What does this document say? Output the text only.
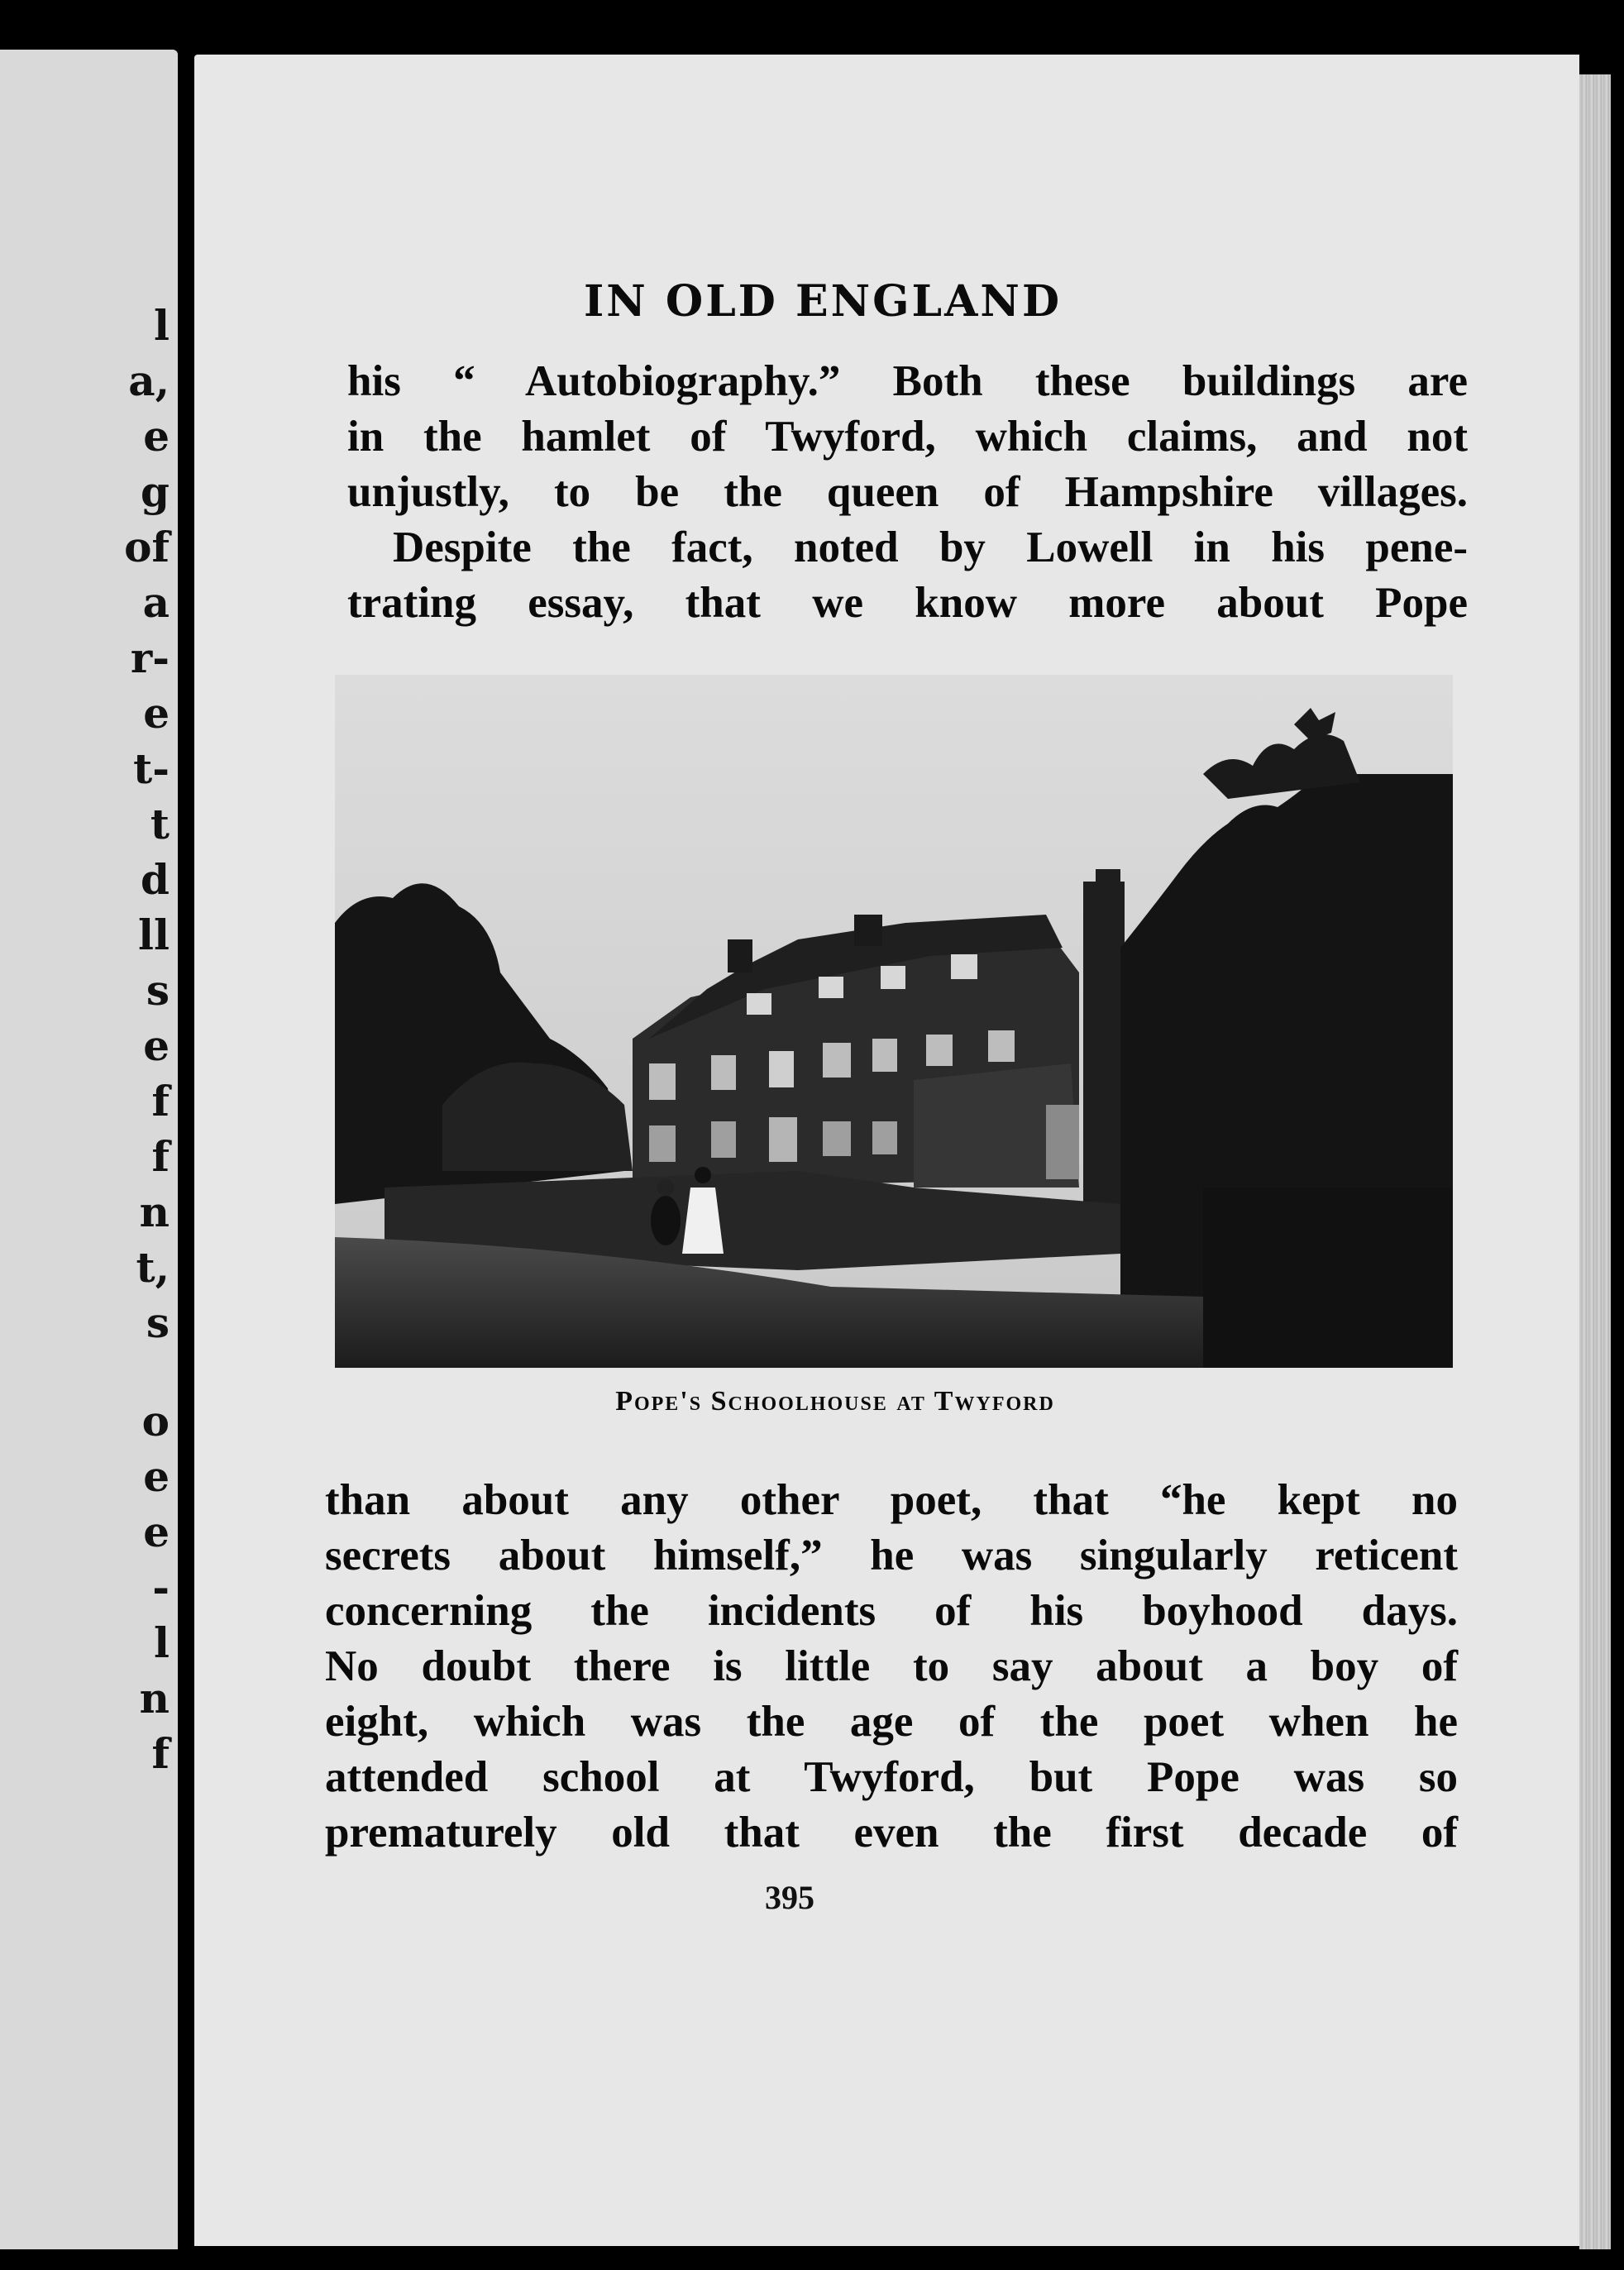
l
a,
e
g
of
a
r-
e
t-
t
d
ll
s
e
f
f
n
t,
s
o
e
e
-
l
n
f
IN OLD ENGLAND
his “ Autobiography.” Both these buildings are
in the hamlet of Twyford, which claims, and not
unjustly, to be the queen of Hampshire villages.
Despite the fact, noted by Lowell in his pene-
trating essay, that we know more about Pope
Pope's Schoolhouse at Twyford
than about any other poet, that “he kept no
secrets about himself,” he was singularly reticent
concerning the incidents of his boyhood days.
No doubt there is little to say about a boy of
eight, which was the age of the poet when he
attended school at Twyford, but Pope was so
prematurely old that even the first decade of
395
